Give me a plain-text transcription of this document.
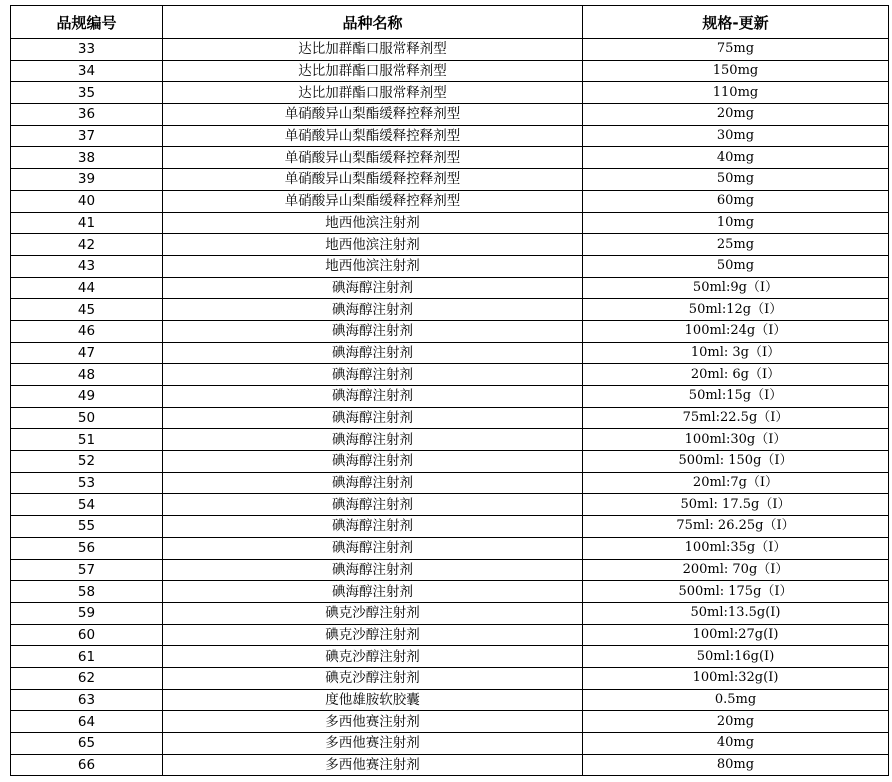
品规编号	品种名称	规格-更新
33	达比加群酯口服常释剂型	75mg
34	达比加群酯口服常释剂型	150mg
35	达比加群酯口服常释剂型	110mg
36	单硝酸异山梨酯缓释控释剂型	20mg
37	单硝酸异山梨酯缓释控释剂型	30mg
38	单硝酸异山梨酯缓释控释剂型	40mg
39	单硝酸异山梨酯缓释控释剂型	50mg
40	单硝酸异山梨酯缓释控释剂型	60mg
41	地西他滨注射剂	10mg
42	地西他滨注射剂	25mg
43	地西他滨注射剂	50mg
44	碘海醇注射剂	50ml:9g（I）
45	碘海醇注射剂	50ml:12g（I）
46	碘海醇注射剂	100ml:24g（I）
47	碘海醇注射剂	10ml: 3g（I）
48	碘海醇注射剂	20ml: 6g（I）
49	碘海醇注射剂	50ml:15g（I）
50	碘海醇注射剂	75ml:22.5g（I）
51	碘海醇注射剂	100ml:30g（I）
52	碘海醇注射剂	500ml: 150g（I）
53	碘海醇注射剂	20ml:7g（I）
54	碘海醇注射剂	50ml: 17.5g（I）
55	碘海醇注射剂	75ml: 26.25g（I）
56	碘海醇注射剂	100ml:35g（I）
57	碘海醇注射剂	200ml: 70g（I）
58	碘海醇注射剂	500ml: 175g（I）
59	碘克沙醇注射剂	50ml:13.5g(I)
60	碘克沙醇注射剂	100ml:27g(I)
61	碘克沙醇注射剂	50ml:16g(I)
62	碘克沙醇注射剂	100ml:32g(I)
63	度他雄胺软胶囊	0.5mg
64	多西他赛注射剂	20mg
65	多西他赛注射剂	40mg
66	多西他赛注射剂	80mg
